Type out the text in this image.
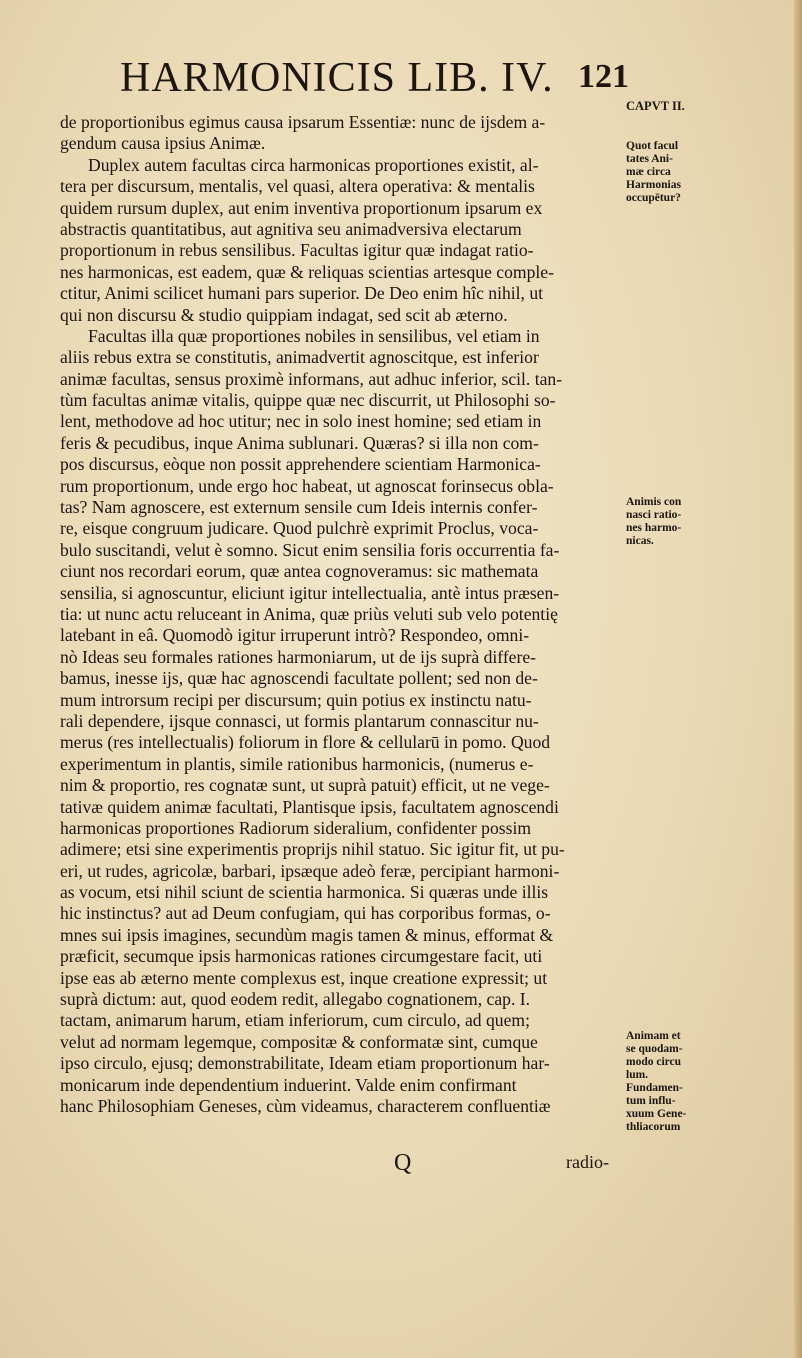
HARMONICIS LIB. IV. 121
de proportionibus egimus causa ipsarum Essentiæ: nunc de ijsdem a-
gendum causa ipsius Animæ.
Duplex autem facultas circa harmonicas proportiones existit, al-
tera per discursum, mentalis, vel quasi, altera operativa: & mentalis
quidem rursum duplex, aut enim inventiva proportionum ipsarum ex
abstractis quantitatibus, aut agnitiva seu animadversiva electarum
proportionum in rebus sensilibus. Facultas igitur quæ indagat ratio-
nes harmonicas, est eadem, quæ & reliquas scientias artesque comple-
ctitur, Animi scilicet humani pars superior. De Deo enim hîc nihil, ut
qui non discursu & studio quippiam indagat, sed scit ab æterno.
Facultas illa quæ proportiones nobiles in sensilibus, vel etiam in
aliis rebus extra se constitutis, animadvertit agnoscitque, est inferior
animæ facultas, sensus proximè informans, aut adhuc inferior, scil. tan-
tùm facultas animæ vitalis, quippe quæ nec discurrit, ut Philosophi so-
lent, methodove ad hoc utitur; nec in solo inest homine; sed etiam in
feris & pecudibus, inque Anima sublunari. Quæras? si illa non com-
pos discursus, eòque non possit apprehendere scientiam Harmonica-
rum proportionum, unde ergo hoc habeat, ut agnoscat forinsecus obla-
tas? Nam agnoscere, est externum sensile cum Ideis internis confer-
re, eisque congruum judicare. Quod pulchrè exprimit Proclus, voca-
bulo suscitandi, velut è somno. Sicut enim sensilia foris occurrentia fa-
ciunt nos recordari eorum, quæ antea cognoveramus: sic mathemata
sensilia, si agnoscuntur, eliciunt igitur intellectualia, antè intus præsen-
tia: ut nunc actu reluceant in Anima, quæ priùs veluti sub velo potentię
latebant in eâ. Quomodò igitur irruperunt intrò? Respondeo, omni-
nò Ideas seu formales rationes harmoniarum, ut de ijs suprà differe-
bamus, inesse ijs, quæ hac agnoscendi facultate pollent; sed non de-
mum introrsum recipi per discursum; quin potius ex instinctu natu-
rali dependere, ijsque connasci, ut formis plantarum connascitur nu-
merus (res intellectualis) foliorum in flore & cellularū in pomo. Quod
experimentum in plantis, simile rationibus harmonicis, (numerus e-
nim & proportio, res cognatæ sunt, ut suprà patuit) efficit, ut ne vege-
tativæ quidem animæ facultati, Plantisque ipsis, facultatem agnoscendi
harmonicas proportiones Radiorum sideralium, confidenter possim
adimere; etsi sine experimentis proprijs nihil statuo. Sic igitur fit, ut pu-
eri, ut rudes, agricolæ, barbari, ipsæque adeò feræ, percipiant harmoni-
as vocum, etsi nihil sciunt de scientia harmonica. Si quæras unde illis
hic instinctus? aut ad Deum confugiam, qui has corporibus formas, o-
mnes sui ipsis imagines, secundùm magis tamen & minus, efformat &
præficit, secumque ipsis harmonicas rationes circumgestare facit, uti
ipse eas ab æterno mente complexus est, inque creatione expressit; ut
suprà dictum: aut, quod eodem redit, allegabo cognationem, cap. I.
tactam, animarum harum, etiam inferiorum, cum circulo, ad quem;
velut ad normam legemque, compositæ & conformatæ sint, cumque
ipso circulo, ejusq; demonstrabilitate, Ideam etiam proportionum har-
monicarum inde dependentium induerint. Valde enim confirmant
hanc Philosophiam Geneses, cùm videamus, characterem confluentiæ
CAPVT II.
Quot facul
tates Ani-
mæ circa
Harmonias
occupētur?
Animis con
nasci ratio-
nes harmo-
nicas.
Animam et
se quodam-
modo circu
lum.
Fundamen-
tum influ-
xuum Gene-
thliacorum
Q	radio-
